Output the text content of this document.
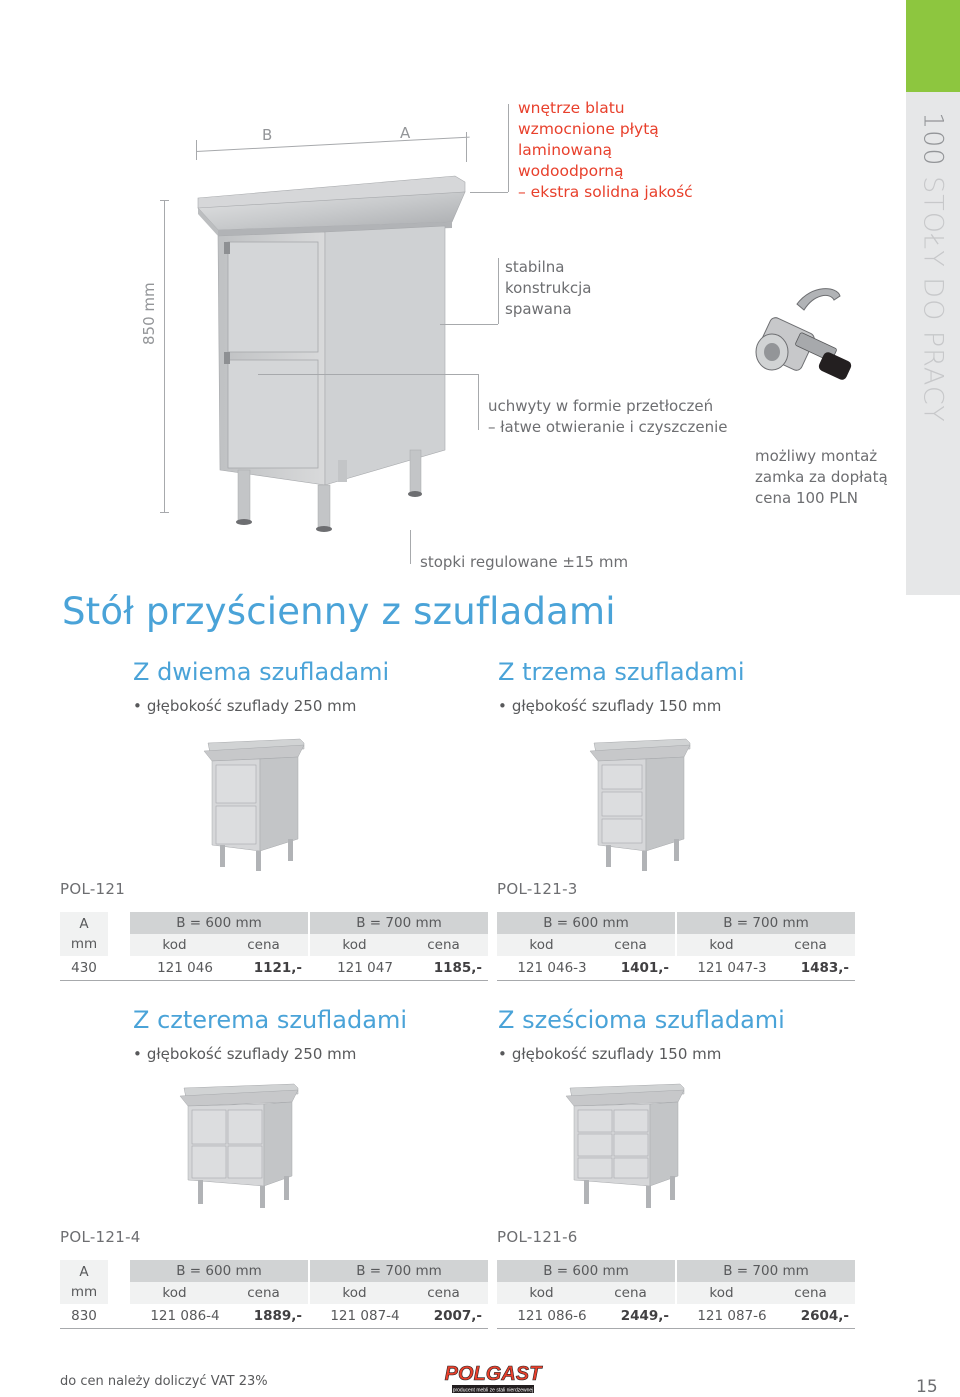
100 STOŁY DO PRACY
B	A
850 mm
wnętrze blatu
wzmocnione płytą
laminowaną
wodoodporną
– ekstra solidna jakość
stabilna
konstrukcja
spawana
uchwyty w formie przetłoczeń
– łatwe otwieranie i czyszczenie
możliwy montaż
zamka za dopłatą
cena 100 PLN
stopki regulowane ±15 mm
Stół przyścienny z szufladami
Z dwiema szufladami
• głębokość szuflady 250 mm
Z trzema szufladami
• głębokość szuflady 150 mm
POL-121	POL-121-3
A
mm
B = 600 mm	B = 700 mm
kod	cena	kod	cena
430	121 046	1121,-	121 047	1185,-
B = 600 mm	B = 700 mm
kod	cena	kod	cena
121 046-3	1401,-	121 047-3	1483,-
Z czterema szufladami
• głębokość szuflady 250 mm
Z sześcioma szufladami
• głębokość szuflady 150 mm
POL-121-4	POL-121-6
A
mm
B = 600 mm	B = 700 mm
kod	cena	kod	cena
830	121 086-4	1889,-	121 087-4	2007,-
B = 600 mm	B = 700 mm
kod	cena	kod	cena
121 086-6	2449,-	121 087-6	2604,-
do cen należy doliczyć VAT 23%	POLGAST
producent mebli ze stali nierdzewnej	15
